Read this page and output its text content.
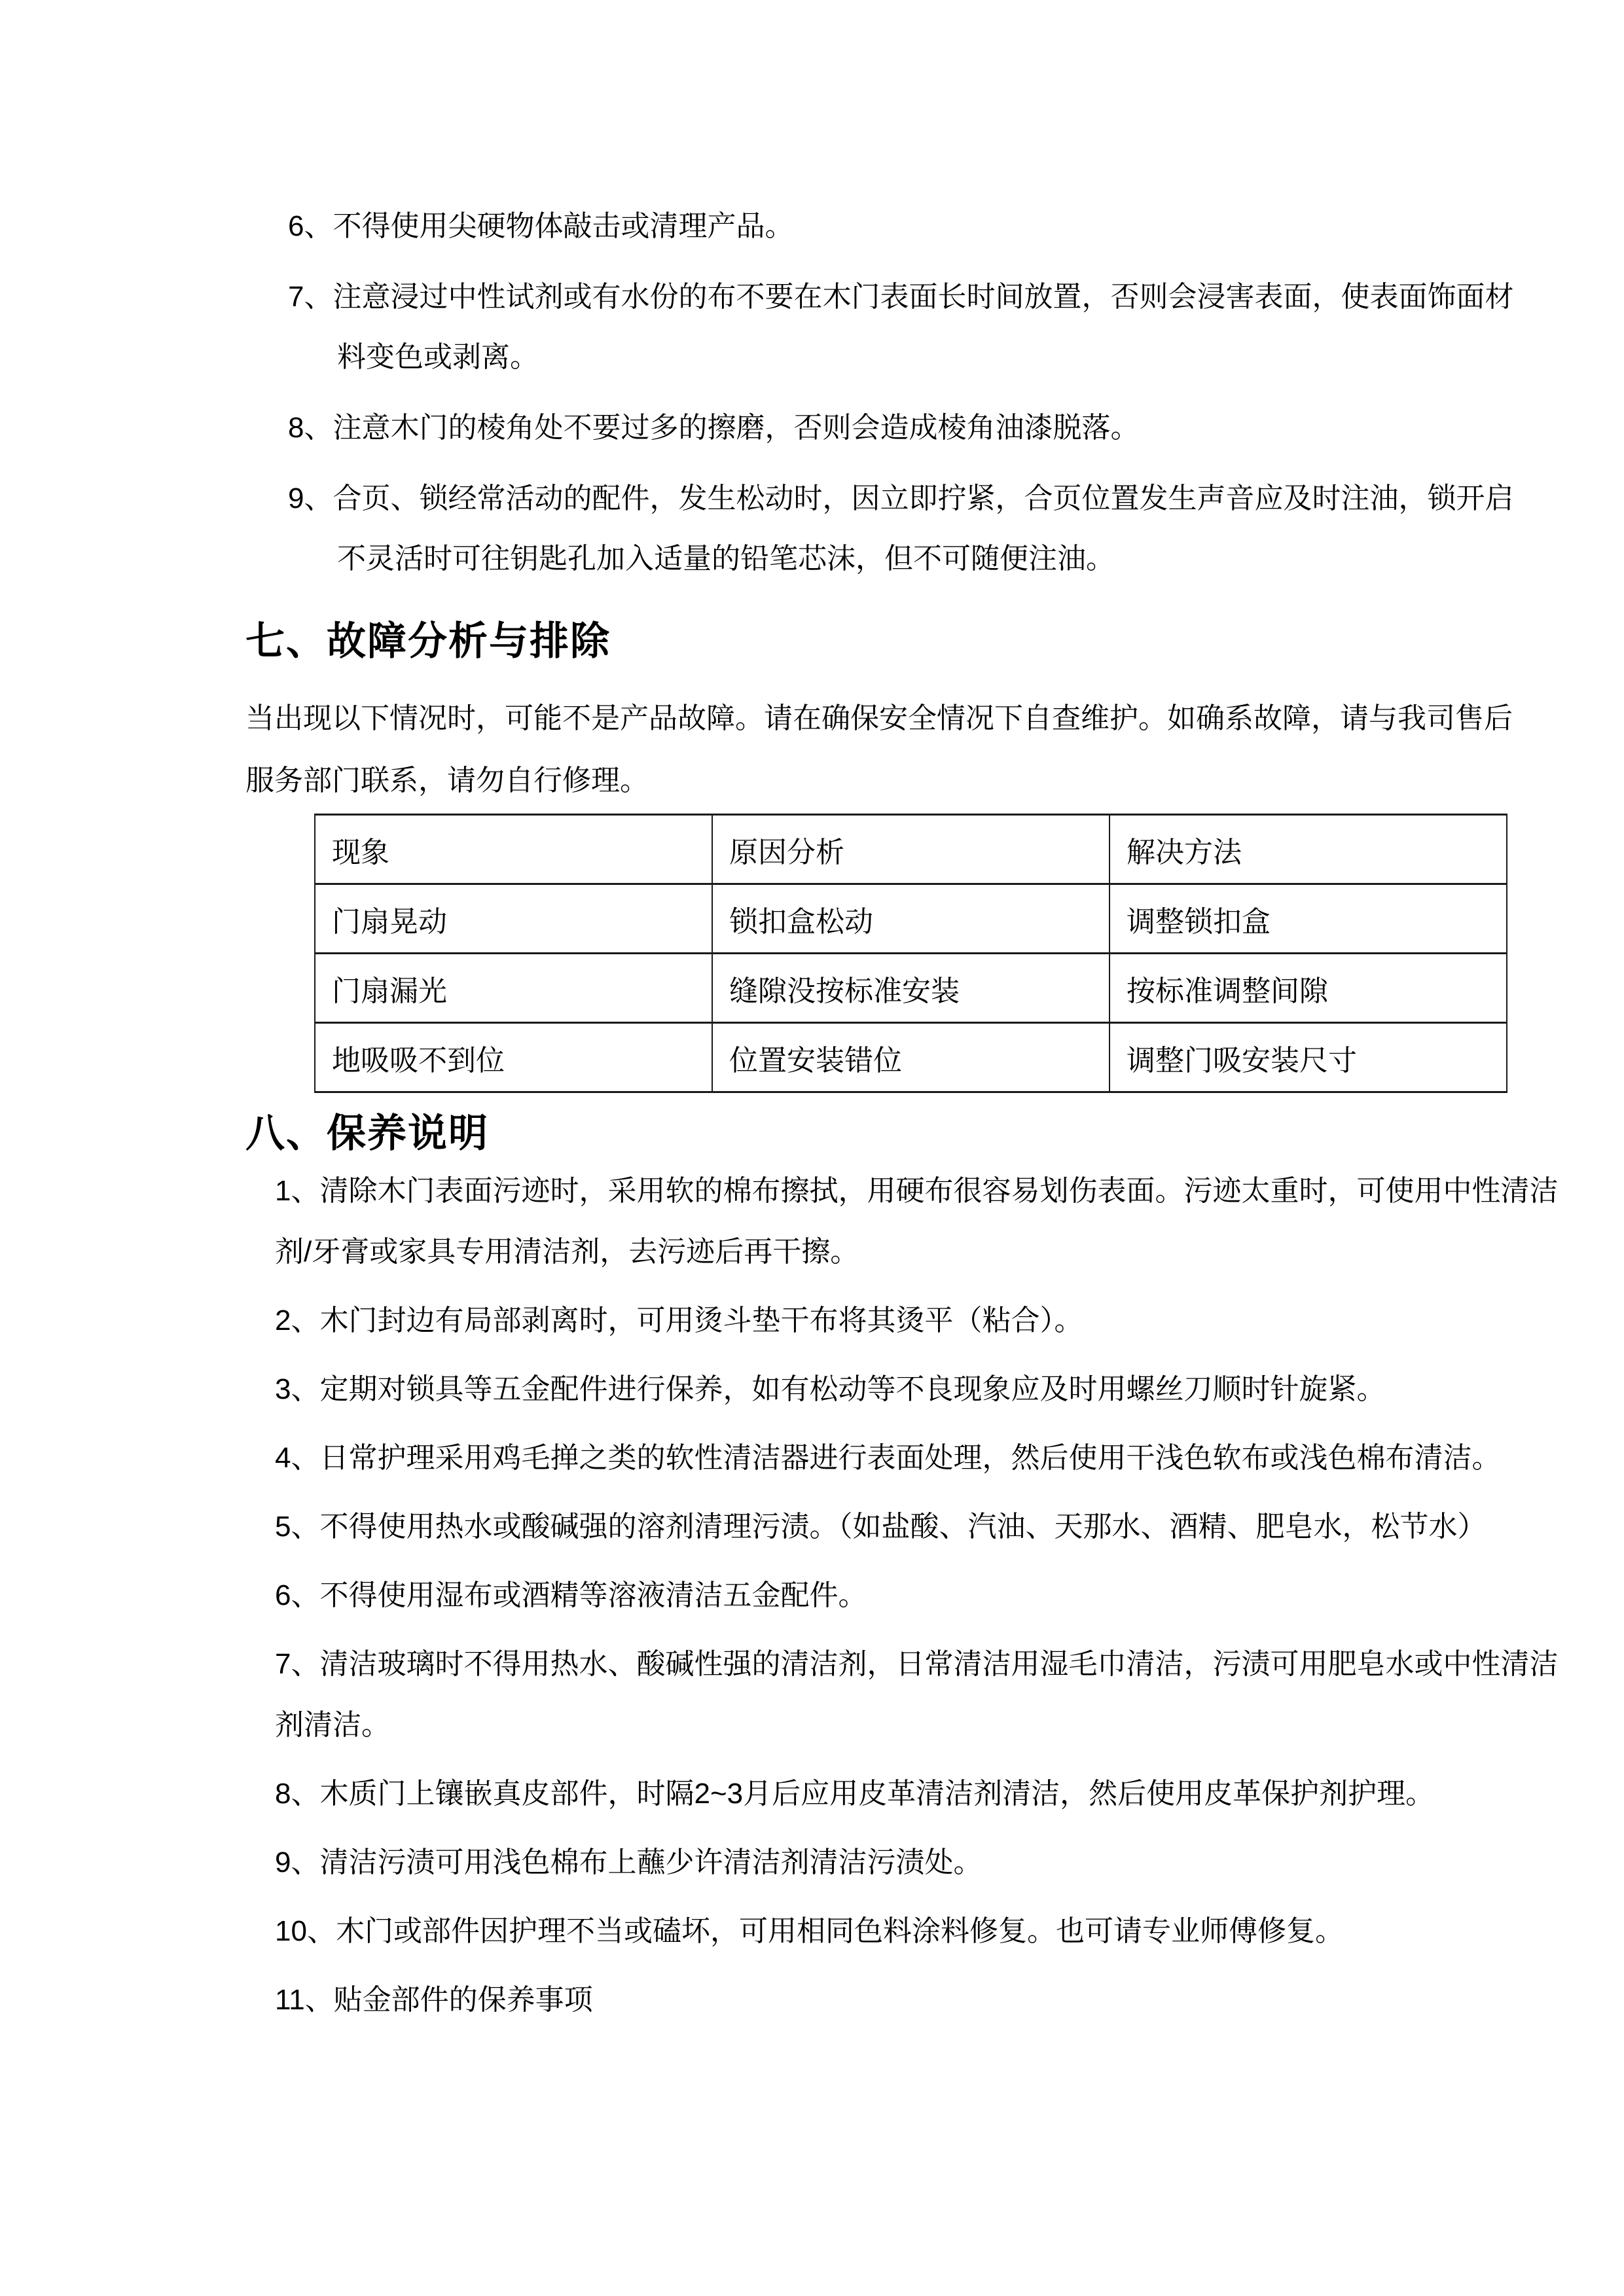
6、不得使用尖硬物体敲击或清理产品。

7、注意浸过中性试剂或有水份的布不要在木门表面长时间放置，否则会浸害表面，使表面饰面材料变色或剥离。

8、注意木门的棱角处不要过多的擦磨，否则会造成棱角油漆脱落。

9、合页、锁经常活动的配件，发生松动时，因立即拧紧，合页位置发生声音应及时注油，锁开启不灵活时可往钥匙孔加入适量的铅笔芯沫，但不可随便注油。

七、故障分析与排除

当出现以下情况时，可能不是产品故障。请在确保安全情况下自查维护。如确系故障，请与我司售后服务部门联系，请勿自行修理。

现象	原因分析	解决方法
门扇晃动	锁扣盒松动	调整锁扣盒
门扇漏光	缝隙没按标准安装	按标准调整间隙
地吸吸不到位	位置安装错位	调整门吸安装尺寸
八、保养说明

1、清除木门表面污迹时，采用软的棉布擦拭，用硬布很容易划伤表面。污迹太重时，可使用中性清洁剂/牙膏或家具专用清洁剂，去污迹后再干擦。

2、木门封边有局部剥离时，可用烫斗垫干布将其烫平（粘合）。

3、定期对锁具等五金配件进行保养，如有松动等不良现象应及时用螺丝刀顺时针旋紧。

4、日常护理采用鸡毛掸之类的软性清洁器进行表面处理，然后使用干浅色软布或浅色棉布清洁。

5、不得使用热水或酸碱强的溶剂清理污渍。（如盐酸、汽油、天那水、酒精、肥皂水，松节水）

6、不得使用湿布或酒精等溶液清洁五金配件。

7、清洁玻璃时不得用热水、酸碱性强的清洁剂，日常清洁用湿毛巾清洁，污渍可用肥皂水或中性清洁剂清洁。

8、木质门上镶嵌真皮部件，时隔2~3月后应用皮革清洁剂清洁，然后使用皮革保护剂护理。

9、清洁污渍可用浅色棉布上蘸少许清洁剂清洁污渍处。

10、木门或部件因护理不当或磕坏，可用相同色料涂料修复。也可请专业师傅修复。

11、贴金部件的保养事项
